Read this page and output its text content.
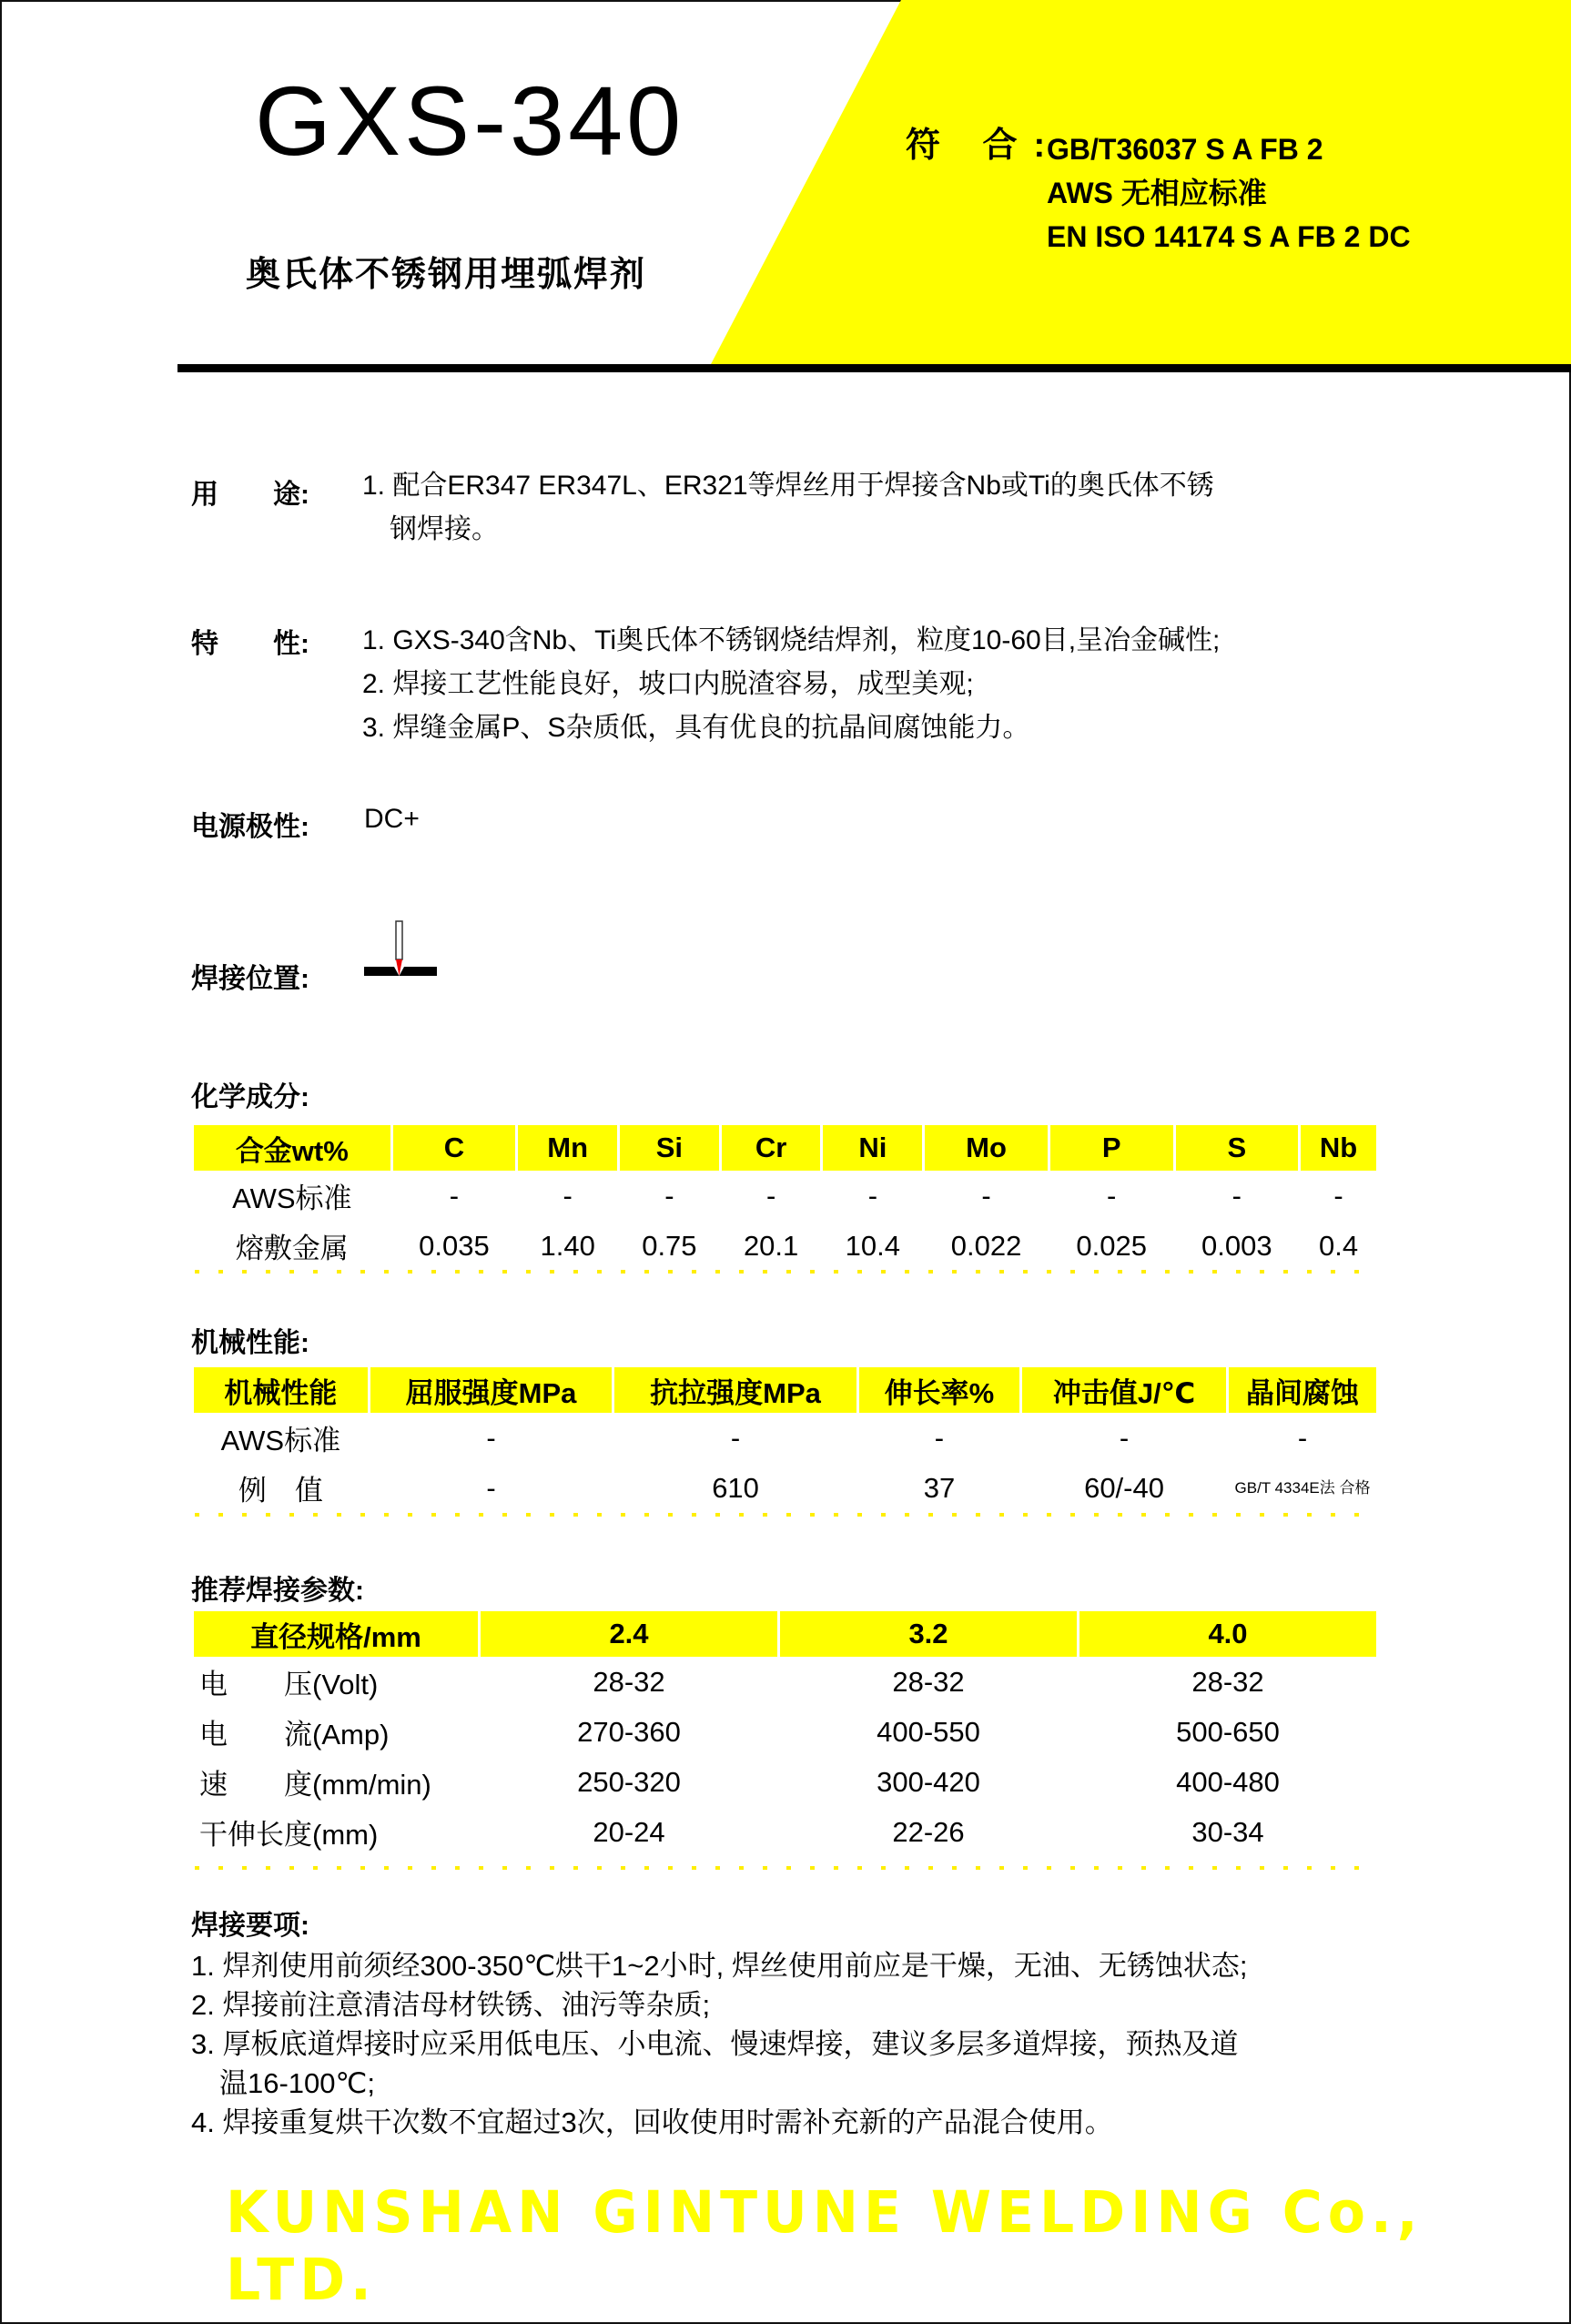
GXS-340
奥氏体不锈钢用埋弧焊剂
符 合:
GB/T36037 S A FB 2
AWS 无相应标准
EN ISO 14174 S A FB 2 DC
用　　途: 1. 配合ER347 ER347L、ER321等焊丝用于焊接含Nb或Ti的奥氏体不锈
　钢焊接。
特　　性: 1. GXS-340含Nb、Ti奥氏体不锈钢烧结焊剂，粒度10-60目,呈冶金碱性;
2. 焊接工艺性能良好，坡口内脱渣容易，成型美观;
3. 焊缝金属P、S杂质低，具有优良的抗晶间腐蚀能力。
电源极性: DC+
焊接位置:
化学成分:
合金wt%	C	Mn	Si	Cr	Ni	Mo	P	S	Nb
AWS标准	-	-	-	-	-	-	-	-	-
熔敷金属	0.035	1.40	0.75	20.1	10.4	0.022	0.025	0.003	0.4
机械性能:
机械性能	屈服强度MPa	抗拉强度MPa	伸长率%	冲击值J/℃	晶间腐蚀
AWS标准	-	-	-	-	-
例　值	-	610	37	60/-40	GB/T 4334E法 合格
推荐焊接参数:
直径规格/mm	2.4	3.2	4.0
电　　压(Volt)	28-32	28-32	28-32
电　　流(Amp)	270-360	400-550	500-650
速　　度(mm/min)	250-320	300-420	400-480
干伸长度(mm)	20-24	22-26	30-34
焊接要项:
1. 焊剂使用前须经300-350℃烘干1~2小时, 焊丝使用前应是干燥，无油、无锈蚀状态;
2. 焊接前注意清洁母材铁锈、油污等杂质;
3. 厚板底道焊接时应采用低电压、小电流、慢速焊接，建议多层多道焊接，预热及道
　温16-100℃;
4. 焊接重复烘干次数不宜超过3次，回收使用时需补充新的产品混合使用。
KUNSHAN GINTUNE WELDING Co., LTD.
